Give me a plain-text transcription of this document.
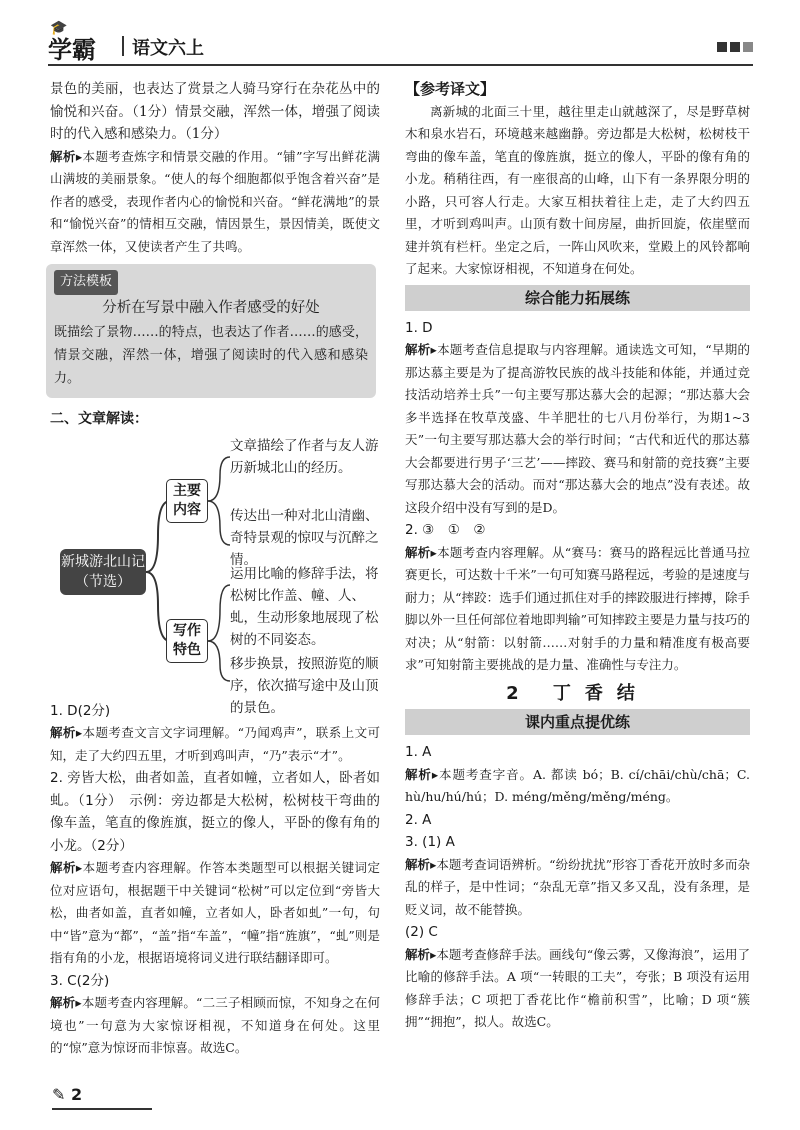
🎓
学霸 语文六上

景色的美丽，也表达了赏景之人骑马穿行在杂花丛中的愉悦和兴奋。（1分）情景交融，浑然一体，增强了阅读时的代入感和感染力。（1分）

解析▸本题考查炼字和情景交融的作用。“铺”字写出鲜花满山满坡的美丽景象。“使人的每个细胞都似乎饱含着兴奋”是作者的感受，表现作者内心的愉悦和兴奋。“鲜花满地”的景和“愉悦兴奋”的情相互交融，情因景生，景因情美，既使文章浑然一体，又使读者产生了共鸣。

方法模板
分析在写景中融入作者感受的好处

既描绘了景物……的特点，也表达了作者……的感受，情景交融，浑然一体，增强了阅读时的代入感和感染力。

二、文章解读：
新城游北山记（节选）
主要内容
写作特色
文章描绘了作者与友人游历新城北山的经历。
传达出一种对北山清幽、奇特景观的惊叹与沉醉之情。
运用比喻的修辞手法，将松树比作盖、幢、人、虬，生动形象地展现了松树的不同姿态。
移步换景，按照游览的顺序，依次描写途中及山顶的景色。

1. D(2分)

解析▸本题考查文言文字词理解。“乃闻鸡声”，联系上文可知，走了大约四五里，才听到鸡叫声，“乃”表示“才”。

2. 旁皆大松，曲者如盖，直者如幢，立者如人，卧者如虬。（1分）　示例：旁边都是大松树，松树枝干弯曲的像车盖，笔直的像旌旗，挺立的像人，平卧的像有角的小龙。（2分）

解析▸本题考查内容理解。作答本类题型可以根据关键词定位对应语句，根据题干中关键词“松树”可以定位到“旁皆大松，曲者如盖，直者如幢，立者如人，卧者如虬”一句，句中“皆”意为“都”，“盖”指“车盖”，“幢”指“旌旗”，“虬”则是指有角的小龙，根据语境将词义进行联结翻译即可。

3. C(2分)

解析▸本题考查内容理解。“二三子相顾而惊，不知身之在何境也”一句意为大家惊讶相视，不知道身在何处。这里的“惊”意为惊讶而非惊喜。故选C。

【参考译文】

离新城的北面三十里，越往里走山就越深了，尽是野草树木和泉水岩石，环境越来越幽静。旁边都是大松树，松树枝干弯曲的像车盖，笔直的像旌旗，挺立的像人，平卧的像有角的小龙。稍稍往西，有一座很高的山峰，山下有一条界限分明的小路，只可容人行走。大家互相扶着往上走，走了大约四五里，才听到鸡叫声。山顶有数十间房屋，曲折回旋，依崖壁而建并筑有栏杆。坐定之后，一阵山风吹来，堂殿上的风铃都响了起来。大家惊讶相视，不知道身在何处。

综合能力拓展练

1. D

解析▸本题考查信息提取与内容理解。通读选文可知，“早期的那达慕主要是为了提高游牧民族的战斗技能和体能，并通过竞技活动培养士兵”一句主要写那达慕大会的起源；“那达慕大会多半选择在牧草茂盛、牛羊肥壮的七八月份举行，为期1~3天”一句主要写那达慕大会的举行时间；“古代和近代的那达慕大会都要进行男子‘三艺’——摔跤、赛马和射箭的竞技赛”主要写那达慕大会的活动。而对“那达慕大会的地点”没有表述。故这段介绍中没有写到的是D。

2. ③　①　②

解析▸本题考查内容理解。从“赛马：赛马的路程远比普通马拉赛更长，可达数十千米”一句可知赛马路程远，考验的是速度与耐力；从“摔跤：选手们通过抓住对手的摔跤服进行摔搏，除手脚以外一旦任何部位着地即判输”可知摔跤主要是力量与技巧的对决；从“射箭：以射箭……对射手的力量和精准度有极高要求”可知射箭主要挑战的是力量、准确性与专注力。

2 丁香结
课内重点提优练

1. A

解析▸本题考查字音。A. 都读 bó；B. cí/chāi/chù/chā；C. hù/hu/hú/hú；D. méng/měng/měng/méng。

2. A

3. (1) A

解析▸本题考查词语辨析。“纷纷扰扰”形容丁香花开放时多而杂乱的样子，是中性词；“杂乱无章”指又多又乱，没有条理，是贬义词，故不能替换。

(2) C

解析▸本题考查修辞手法。画线句“像云雾，又像海浪”，运用了比喻的修辞手法。A 项“一转眼的工夫”，夸张；B 项没有运用修辞手法；C 项把丁香花比作“檐前积雪”，比喻；D 项“簇拥”“拥抱”，拟人。故选C。

✎ 2
